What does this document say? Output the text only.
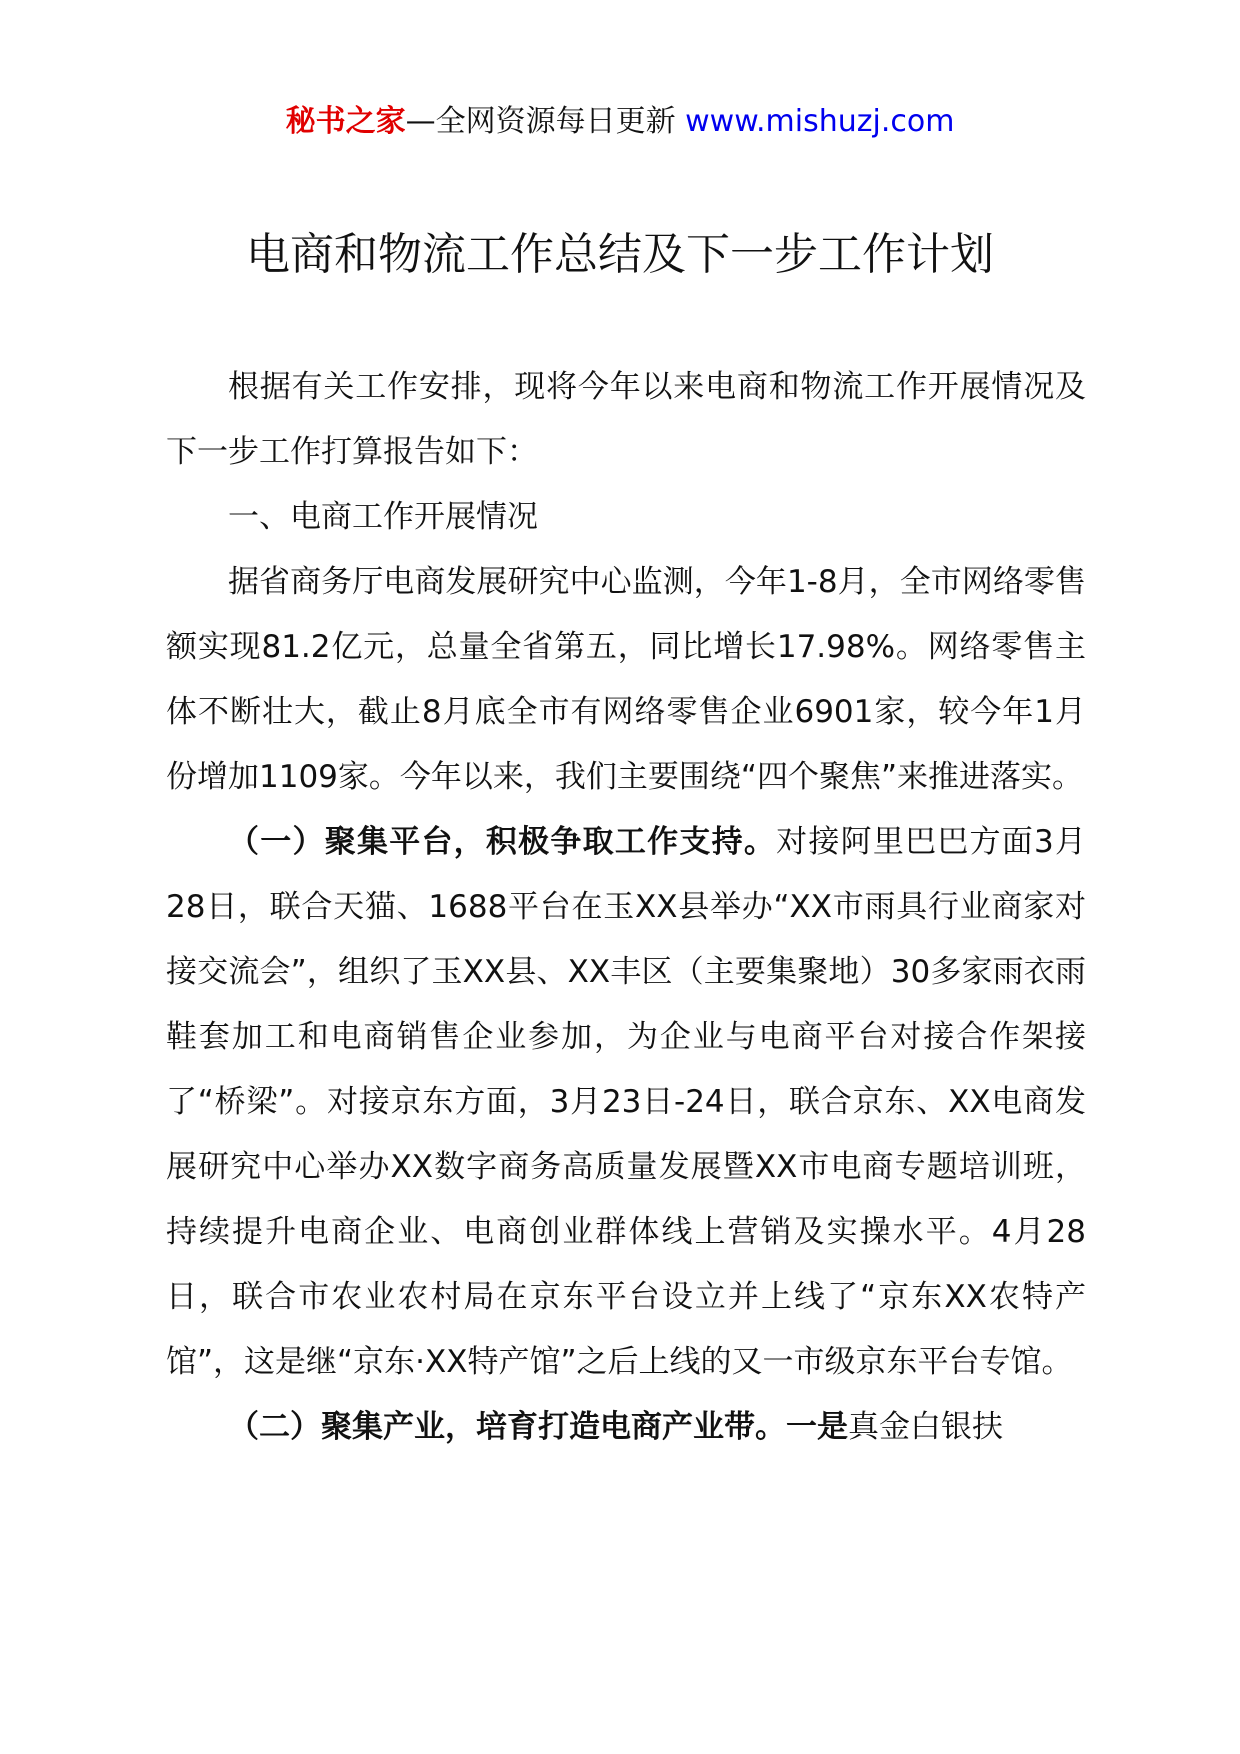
秘书之家—全网资源每日更新 www.mishuzj.com
电商和物流工作总结及下一步工作计划

根据有关工作安排，现将今年以来电商和物流工作开展情况及下一步工作打算报告如下：

一、电商工作开展情况

据省商务厅电商发展研究中心监测，今年1-8月，全市网络零售额实现81.2亿元，总量全省第五，同比增长17.98%。网络零售主体不断壮大，截止8月底全市有网络零售企业6901家，较今年1月份增加1109家。今年以来，我们主要围绕“四个聚焦”来推进落实。

（一）聚集平台，积极争取工作支持。对接阿里巴巴方面3月28日，联合天猫、1688平台在玉XX县举办“XX市雨具行业商家对接交流会”，组织了玉XX县、XX丰区（主要集聚地）30多家雨衣雨鞋套加工和电商销售企业参加，为企业与电商平台对接合作架接了“桥梁”。对接京东方面，3月23日-24日，联合京东、XX电商发展研究中心举办XX数字商务高质量发展暨XX市电商专题培训班，持续提升电商企业、电商创业群体线上营销及实操水平。4月28日，联合市农业农村局在京东平台设立并上线了“京东XX农特产馆”，这是继“京东·XX特产馆”之后上线的又一市级京东平台专馆。

（二）聚集产业，培育打造电商产业带。一是真金白银扶
